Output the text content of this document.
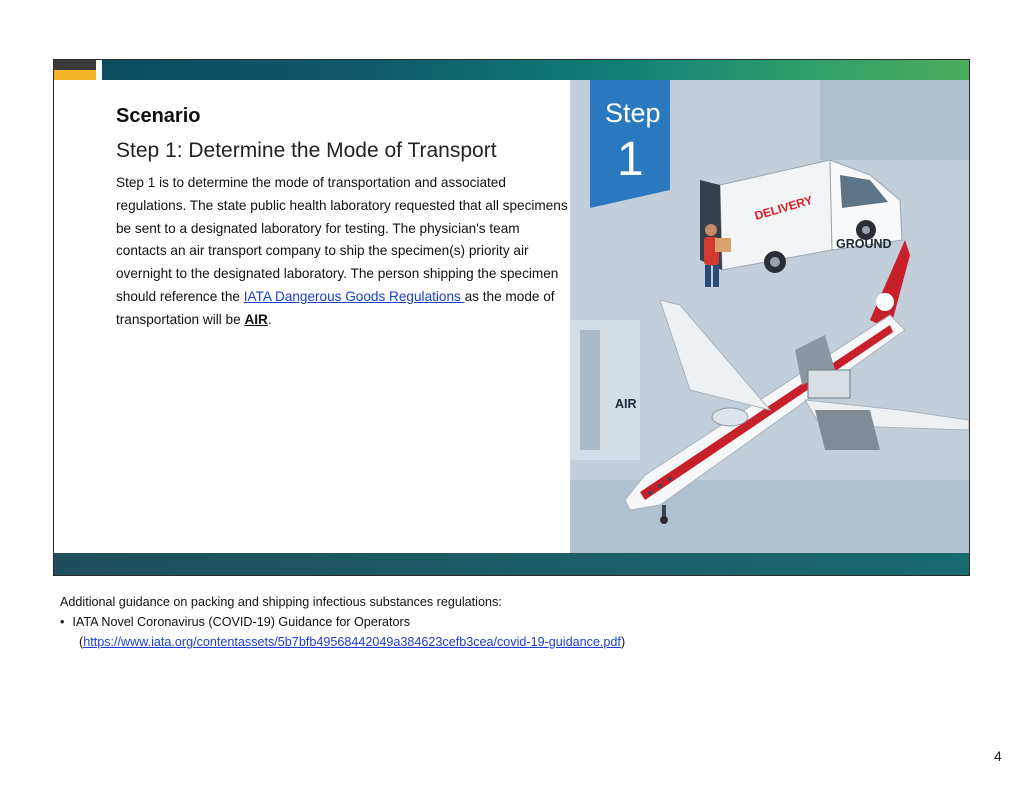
Scenario
Step 1: Determine the Mode of Transport

Step 1 is to determine the mode of transportation and associated regulations. The state public health laboratory requested that all specimens be sent to a designated laboratory for testing. The physician's team contacts an air transport company to ship the specimen(s) priority air overnight to the designated laboratory. The person shipping the specimen should reference the IATA Dangerous Goods Regulations as the mode of transportation will be AIR.

Step
1
DELIVERY
GROUND
AIR

Additional guidance on packing and shipping infectious substances regulations:

• IATA Novel Coronavirus (COVID-19) Guidance for Operators

(https://www.iata.org/contentassets/5b7bfb49568442049a384623cefb3cea/covid-19-guidance.pdf)

4
